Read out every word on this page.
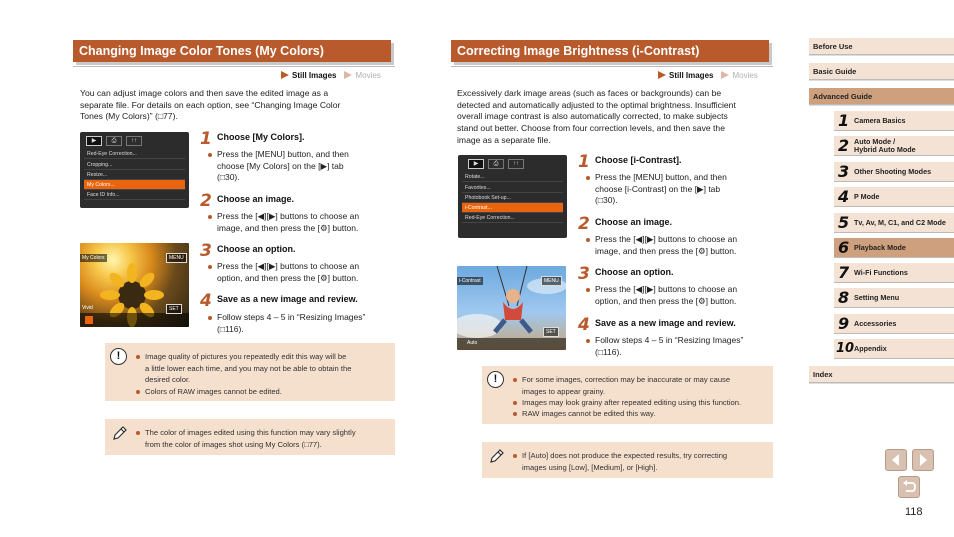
Changing Image Color Tones (My Colors)
Still Images Movies
You can adjust image colors and then save the edited image as a
separate file. For details on each option, see “Changing Image Color
Tones (My Colors)” (□77).
▶	⎙	↑↑
Red-Eye Correction...
Cropping...
Resize...
My Colors...
Face ID Info...
My Colors	MENU
Vivid	SET
1 Choose [My Colors].
Press the [MENU] button, and then
choose [My Colors] on the [▶] tab
(□30).
2 Choose an image.
Press the [◀][▶] buttons to choose an
image, and then press the [⚙] button.
3 Choose an option.
Press the [◀][▶] buttons to choose an
option, and then press the [⚙] button.
4 Save as a new image and review.
Follow steps 4 – 5 in “Resizing Images”
(□116).
!	Image quality of pictures you repeatedly edit this way will be
a little lower each time, and you may not be able to obtain the
desired color.
Colors of RAW images cannot be edited.
The color of images edited using this function may vary slightly
from the color of images shot using My Colors (□77).
Correcting Image Brightness (i-Contrast)
Still Images Movies
Excessively dark image areas (such as faces or backgrounds) can be
detected and automatically adjusted to the optimal brightness. Insufficient
overall image contrast is also automatically corrected, to make subjects
stand out better. Choose from four correction levels, and then save the
image as a separate file.
▶	⎙	↑↑
Rotate...
Favorites...
Photobook Set-up...
i-Contrast...
Red-Eye Correction...
i-Contrast	MENU
Auto
SET
1 Choose [i-Contrast].
Press the [MENU] button, and then
choose [i-Contrast] on the [▶] tab
(□30).
2 Choose an image.
Press the [◀][▶] buttons to choose an
image, and then press the [⚙] button.
3 Choose an option.
Press the [◀][▶] buttons to choose an
option, and then press the [⚙] button.
4 Save as a new image and review.
Follow steps 4 – 5 in “Resizing Images”
(□116).
!	For some images, correction may be inaccurate or may cause
images to appear grainy.
Images may look grainy after repeated editing using this function.
RAW images cannot be edited this way.
If [Auto] does not produce the expected results, try correcting
images using [Low], [Medium], or [High].
Before Use
Basic Guide
Advanced Guide
1 Camera Basics
2 Auto Mode /
Hybrid Auto Mode
3 Other Shooting Modes
4 P Mode
5 Tv, Av, M, C1, and C2 Mode
6 Playback Mode
7 Wi-Fi Functions
8 Setting Menu
9 Accessories
10 Appendix
Index
118
